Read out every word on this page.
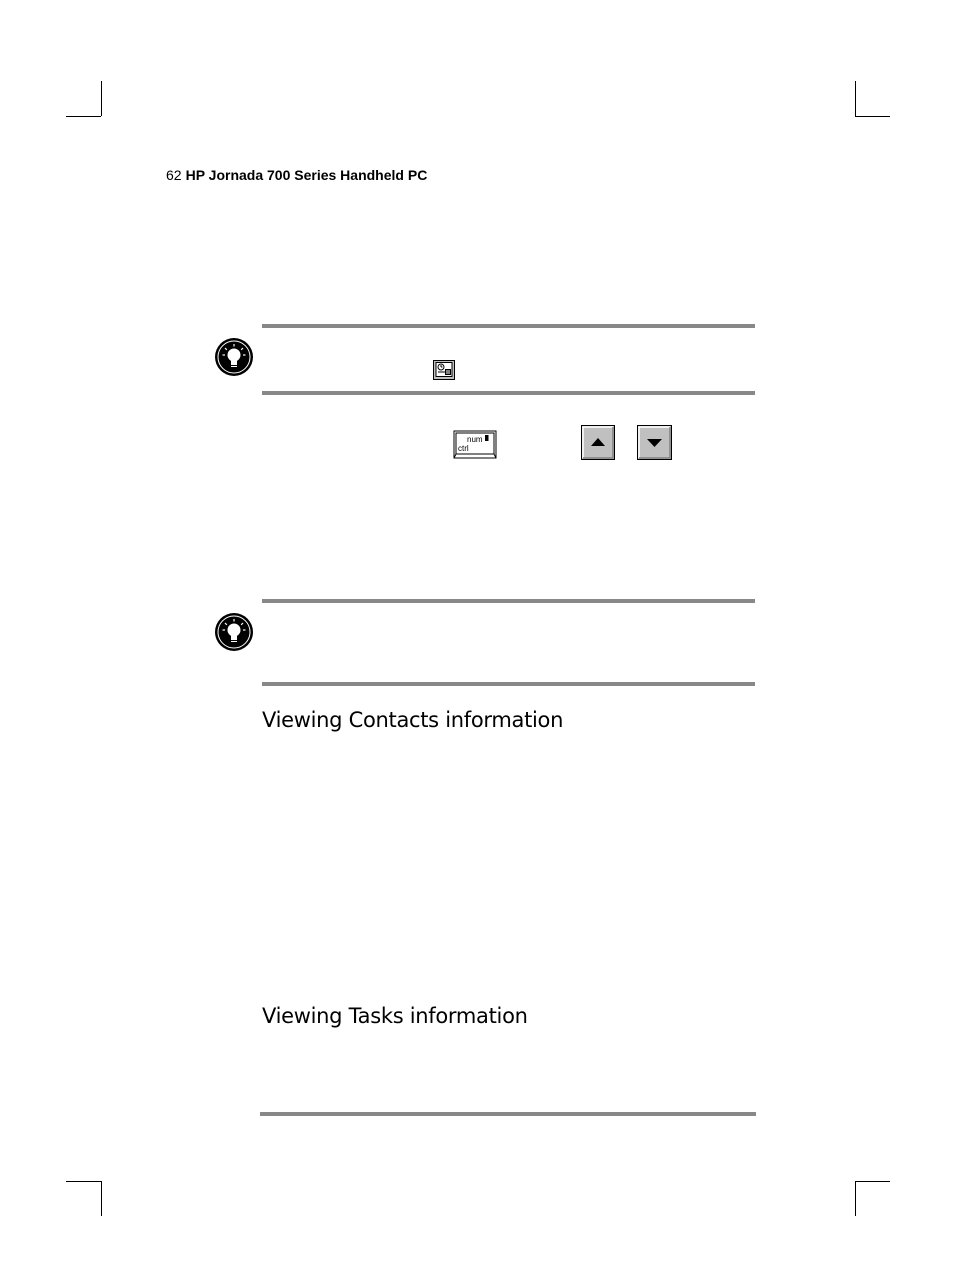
62 HP Jornada 700 Series Handheld PC
num
ctrl
Viewing Contacts information
Viewing Tasks information
